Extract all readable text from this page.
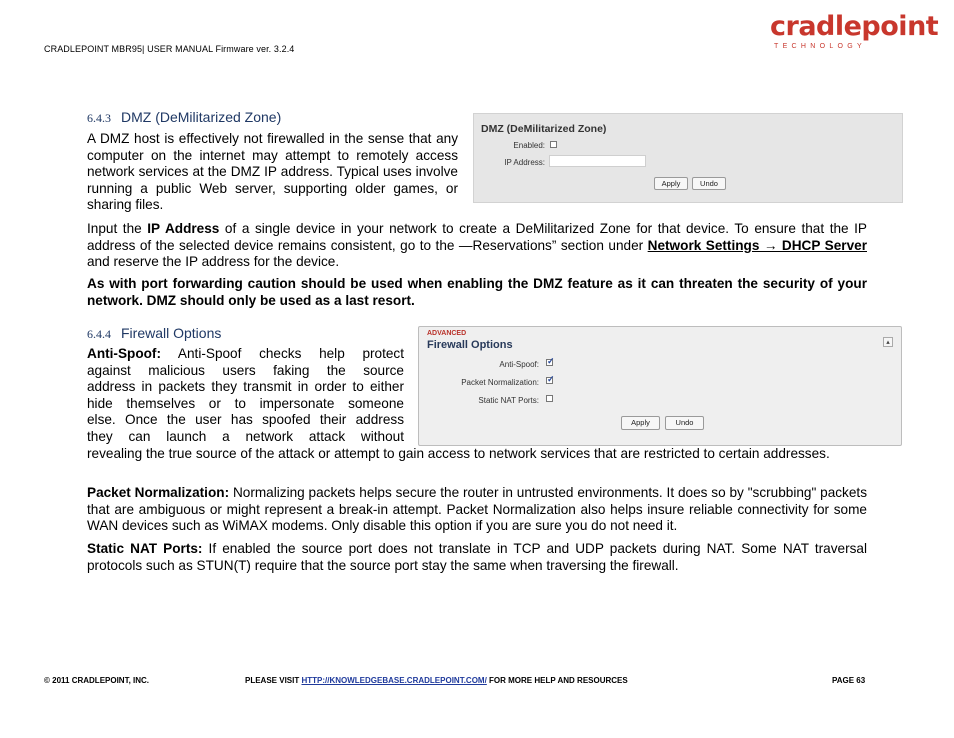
CRADLEPOINT MBR95| USER MANUAL Firmware ver. 3.2.4
cradlepoint
TECHNOLOGY
6.4.3 DMZ (DeMilitarized Zone)
A DMZ host is effectively not firewalled in the sense that any computer on the internet may attempt to remotely access network services at the DMZ IP address. Typical uses involve running a public Web server, supporting older games, or sharing files.
DMZ (DeMilitarized Zone)
Enabled:
IP Address:
Apply	Undo
Input the IP Address of a single device in your network to create a DeMilitarized Zone for that device. To ensure that the IP address of the selected device remains consistent, go to the —Reservations” section under Network Settings → DHCP Server and reserve the IP address for the device.
As with port forwarding caution should be used when enabling the DMZ feature as it can threaten the security of your network. DMZ should only be used as a last resort.
6.4.4 Firewall Options
Anti-Spoof: Anti-Spoof checks help protect
against malicious users faking the source
address in packets they transmit in order to either
hide themselves or to impersonate someone
else. Once the user has spoofed their address
they can launch a network attack without
ADVANCED
Firewall Options	▴
Anti-Spoof:
✓
Packet Normalization:
✓
Static NAT Ports:
Apply	Undo
revealing the true source of the attack or attempt to gain access to network services that are restricted to certain addresses.
Packet Normalization: Normalizing packets helps secure the router in untrusted environments. It does so by "scrubbing" packets that are ambiguous or might represent a break-in attempt. Packet Normalization also helps insure reliable connectivity for some WAN devices such as WiMAX modems. Only disable this option if you are sure you do not need it.
Static NAT Ports: If enabled the source port does not translate in TCP and UDP packets during NAT. Some NAT traversal protocols such as STUN(T) require that the source port stay the same when traversing the firewall.
© 2011 CRADLEPOINT, INC.	PLEASE VISIT HTTP://KNOWLEDGEBASE.CRADLEPOINT.COM/ FOR MORE HELP AND RESOURCES	PAGE 63
